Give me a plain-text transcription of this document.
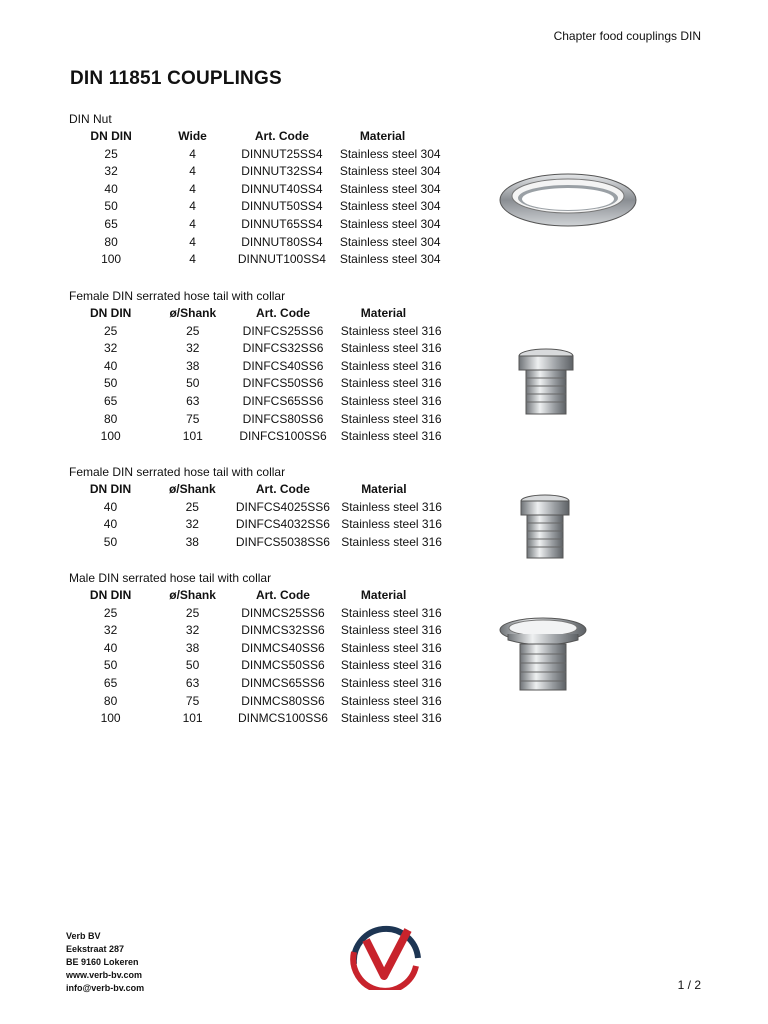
Chapter food couplings DIN
DIN 11851 COUPLINGS
DIN Nut
DN DIN	Wide	Art. Code	Material
25	4	DINNUT25SS4	Stainless steel 304
32	4	DINNUT32SS4	Stainless steel 304
40	4	DINNUT40SS4	Stainless steel 304
50	4	DINNUT50SS4	Stainless steel 304
65	4	DINNUT65SS4	Stainless steel 304
80	4	DINNUT80SS4	Stainless steel 304
100	4	DINNUT100SS4	Stainless steel 304
Female DIN serrated hose tail with collar
DN DIN	ø/Shank	Art. Code	Material
25	25	DINFCS25SS6	Stainless steel 316
32	32	DINFCS32SS6	Stainless steel 316
40	38	DINFCS40SS6	Stainless steel 316
50	50	DINFCS50SS6	Stainless steel 316
65	63	DINFCS65SS6	Stainless steel 316
80	75	DINFCS80SS6	Stainless steel 316
100	101	DINFCS100SS6	Stainless steel 316
Female DIN serrated hose tail with collar
DN DIN	ø/Shank	Art. Code	Material
40	25	DINFCS4025SS6	Stainless steel 316
40	32	DINFCS4032SS6	Stainless steel 316
50	38	DINFCS5038SS6	Stainless steel 316
Male DIN serrated hose tail with collar
DN DIN	ø/Shank	Art. Code	Material
25	25	DINMCS25SS6	Stainless steel 316
32	32	DINMCS32SS6	Stainless steel 316
40	38	DINMCS40SS6	Stainless steel 316
50	50	DINMCS50SS6	Stainless steel 316
65	63	DINMCS65SS6	Stainless steel 316
80	75	DINMCS80SS6	Stainless steel 316
100	101	DINMCS100SS6	Stainless steel 316
Verb BV
Eekstraat 287
BE 9160 Lokeren
www.verb-bv.com
info@verb-bv.com	1 / 2
